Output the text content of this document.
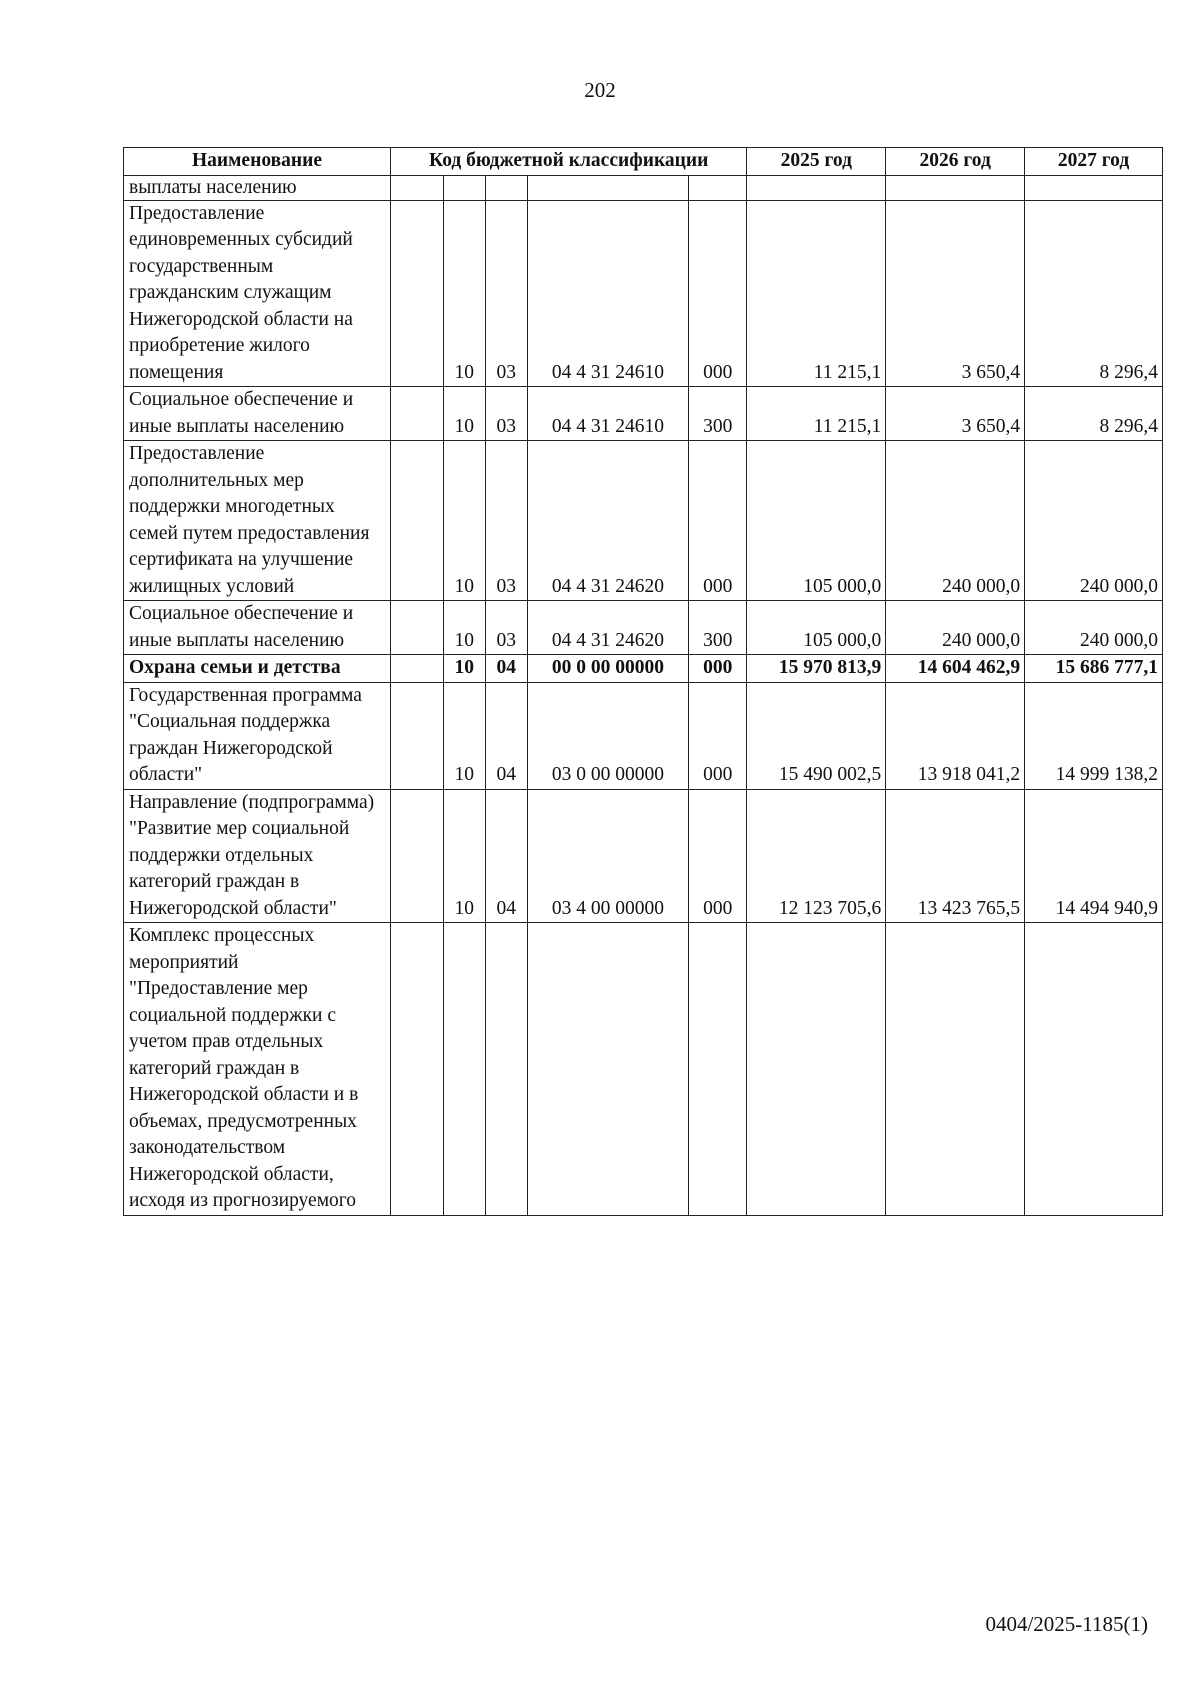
202
Наименование	Код бюджетной классификации					2025 год	2026 год	2027 год
выплаты населению								
Предоставление единовременных субсидий государственным гражданским служащим Нижегородской области на приобретение жилого помещения		10	03	04 4 31 24610	000	11 215,1	3 650,4	8 296,4
Социальное обеспечение и иные выплаты населению		10	03	04 4 31 24610	300	11 215,1	3 650,4	8 296,4
Предоставление дополнительных мер поддержки многодетных семей путем предоставления сертификата на улучшение жилищных условий		10	03	04 4 31 24620	000	105 000,0	240 000,0	240 000,0
Социальное обеспечение и иные выплаты населению		10	03	04 4 31 24620	300	105 000,0	240 000,0	240 000,0
Охрана семьи и детства		10	04	00 0 00 00000	000	15 970 813,9	14 604 462,9	15 686 777,1
Государственная программа "Социальная поддержка граждан Нижегородской области"		10	04	03 0 00 00000	000	15 490 002,5	13 918 041,2	14 999 138,2
Направление (подпрограмма) "Развитие мер социальной поддержки отдельных категорий граждан в Нижегородской области"		10	04	03 4 00 00000	000	12 123 705,6	13 423 765,5	14 494 940,9
Комплекс процессных мероприятий "Предоставление мер социальной поддержки с учетом прав отдельных категорий граждан в Нижегородской области и в объемах, предусмотренных законодательством Нижегородской области, исходя из прогнозируемого								
0404/2025-1185(1)
